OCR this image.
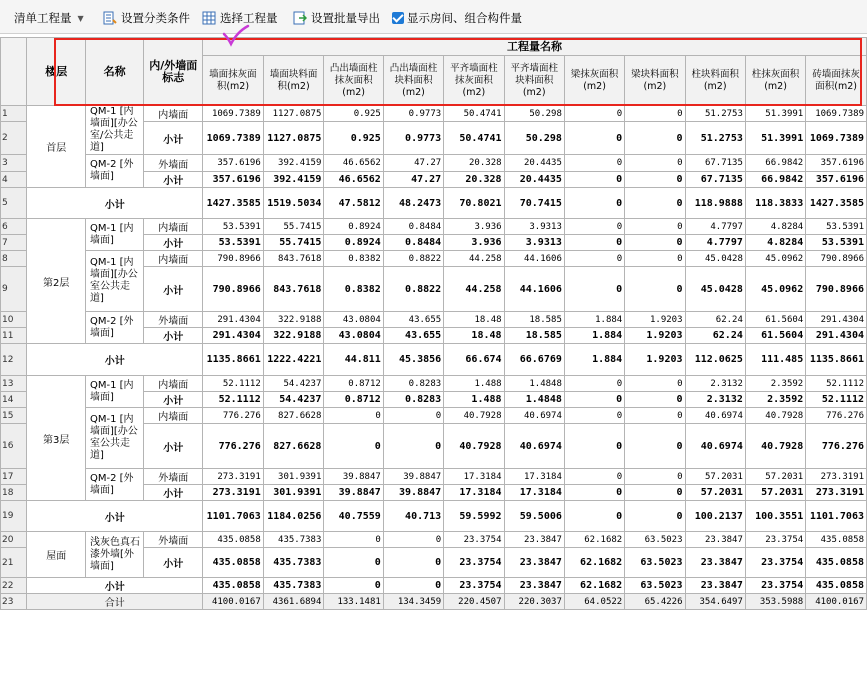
清单工程量 ▼	设置分类条件	选择工程量	设置批量导出 显示房间、组合构件量
	楼层	名称	内/外墙面标志	工程量名称										
				墙面抹灰面积(m2)	墙面块料面积(m2)	凸出墙面柱抹灰面积(m2)	凸出墙面柱块料面积(m2)	平齐墙面柱抹灰面积(m2)	平齐墙面柱块料面积(m2)	梁抹灰面积(m2)	梁块料面积(m2)	柱块料面积(m2)	柱抹灰面积(m2)	砖墙面抹灰面积(m2)
1	首层	QM-1 [内墙面][办公室/公共走道]	内墙面	1069.7389	1127.0875	0.925	0.9773	50.4741	50.298	0	0	51.2753	51.3991	1069.7389
2			小计	1069.7389	1127.0875	0.925	0.9773	50.4741	50.298	0	0	51.2753	51.3991	1069.7389
3		QM-2 [外墙面]	外墙面	357.6196	392.4159	46.6562	47.27	20.328	20.4435	0	0	67.7135	66.9842	357.6196
4			小计	357.6196	392.4159	46.6562	47.27	20.328	20.4435	0	0	67.7135	66.9842	357.6196
5	小计			1427.3585	1519.5034	47.5812	48.2473	70.8021	70.7415	0	0	118.9888	118.3833	1427.3585
6	第2层	QM-1 [内墙面]	内墙面	53.5391	55.7415	0.8924	0.8484	3.936	3.9313	0	0	4.7797	4.8284	53.5391
7			小计	53.5391	55.7415	0.8924	0.8484	3.936	3.9313	0	0	4.7797	4.8284	53.5391
8		QM-1 [内墙面][办公室公共走道]	内墙面	790.8966	843.7618	0.8382	0.8822	44.258	44.1606	0	0	45.0428	45.0962	790.8966
9			小计	790.8966	843.7618	0.8382	0.8822	44.258	44.1606	0	0	45.0428	45.0962	790.8966
10		QM-2 [外墙面]	外墙面	291.4304	322.9188	43.0804	43.655	18.48	18.585	1.884	1.9203	62.24	61.5604	291.4304
11			小计	291.4304	322.9188	43.0804	43.655	18.48	18.585	1.884	1.9203	62.24	61.5604	291.4304
12	小计			1135.8661	1222.4221	44.811	45.3856	66.674	66.6769	1.884	1.9203	112.0625	111.485	1135.8661
13	第3层	QM-1 [内墙面]	内墙面	52.1112	54.4237	0.8712	0.8283	1.488	1.4848	0	0	2.3132	2.3592	52.1112
14			小计	52.1112	54.4237	0.8712	0.8283	1.488	1.4848	0	0	2.3132	2.3592	52.1112
15		QM-1 [内墙面][办公室公共走道]	内墙面	776.276	827.6628	0	0	40.7928	40.6974	0	0	40.6974	40.7928	776.276
16			小计	776.276	827.6628	0	0	40.7928	40.6974	0	0	40.6974	40.7928	776.276
17		QM-2 [外墙面]	外墙面	273.3191	301.9391	39.8847	39.8847	17.3184	17.3184	0	0	57.2031	57.2031	273.3191
18			小计	273.3191	301.9391	39.8847	39.8847	17.3184	17.3184	0	0	57.2031	57.2031	273.3191
19	小计			1101.7063	1184.0256	40.7559	40.713	59.5992	59.5006	0	0	100.2137	100.3551	1101.7063
20	屋面	浅灰色真石漆外墙[外墙面]	外墙面	435.0858	435.7383	0	0	23.3754	23.3847	62.1682	63.5023	23.3847	23.3754	435.0858
21			小计	435.0858	435.7383	0	0	23.3754	23.3847	62.1682	63.5023	23.3847	23.3754	435.0858
22	小计			435.0858	435.7383	0	0	23.3754	23.3847	62.1682	63.5023	23.3847	23.3754	435.0858
23	合计			4100.0167	4361.6894	133.1481	134.3459	220.4507	220.3037	64.0522	65.4226	354.6497	353.5988	4100.0167
